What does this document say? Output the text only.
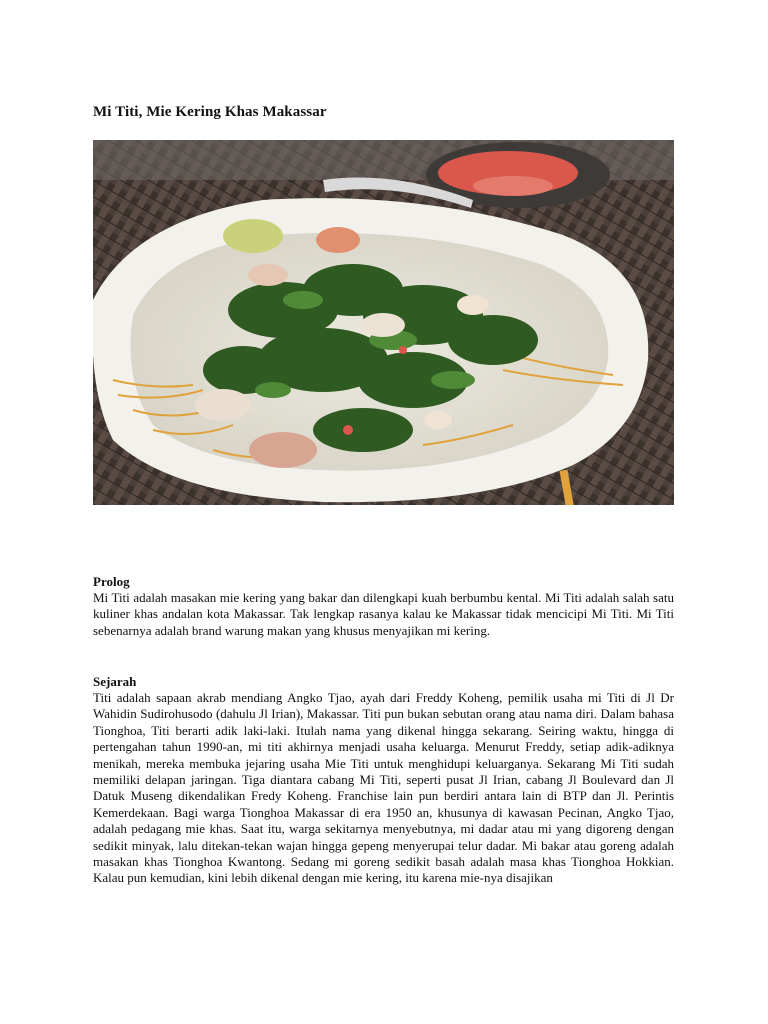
Mi Titi, Mie Kering Khas Makassar
Prolog

Mi Titi adalah masakan mie kering yang bakar dan dilengkapi kuah berbumbu kental. Mi Titi adalah salah satu kuliner khas andalan kota Makassar. Tak lengkap rasanya kalau ke Makassar tidak mencicipi Mi Titi. Mi Titi sebenarnya adalah brand warung makan yang khusus menyajikan mi kering.

Sejarah

Titi adalah sapaan akrab mendiang Angko Tjao, ayah dari Freddy Koheng, pemilik usaha mi Titi di Jl Dr Wahidin Sudirohusodo (dahulu Jl Irian), Makassar. Titi pun bukan sebutan orang atau nama diri. Dalam bahasa Tionghoa, Titi berarti adik laki-laki. Itulah nama yang dikenal hingga sekarang. Seiring waktu, hingga di pertengahan tahun 1990-an, mi titi akhirnya menjadi usaha keluarga. Menurut Freddy, setiap adik-adiknya menikah, mereka membuka jejaring usaha Mie Titi untuk menghidupi keluarganya. Sekarang Mi Titi sudah memiliki delapan jaringan. Tiga diantara cabang Mi Titi, seperti pusat Jl Irian, cabang Jl Boulevard dan Jl Datuk Museng dikendalikan Fredy Koheng. Franchise lain pun berdiri antara lain di BTP dan Jl. Perintis Kemerdekaan. Bagi warga Tionghoa Makassar di era 1950 an, khusunya di kawasan Pecinan, Angko Tjao, adalah pedagang mie khas. Saat itu, warga sekitarnya menyebutnya, mi dadar atau mi yang digoreng dengan sedikit minyak, lalu ditekan-tekan wajan hingga gepeng menyerupai telur dadar. Mi bakar atau goreng adalah masakan khas Tionghoa Kwantong. Sedang mi goreng sedikit basah adalah masa khas Tionghoa Hokkian. Kalau pun kemudian, kini lebih dikenal dengan mie kering, itu karena mie-nya disajikan
